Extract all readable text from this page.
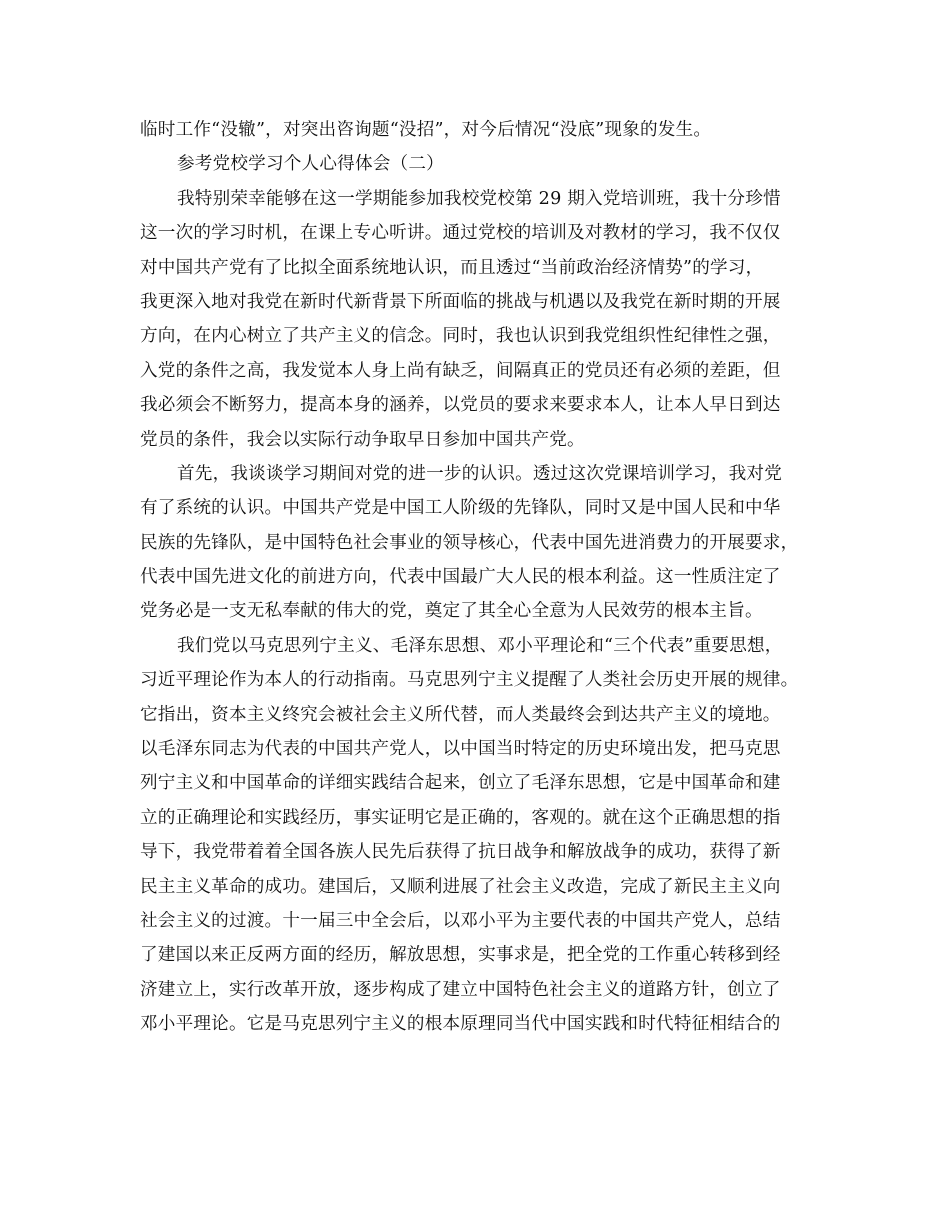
临时工作“没辙”，对突出咨询题“没招”，对今后情况“没底”现象的发生。
参考党校学习个人心得体会（二）
我特别荣幸能够在这一学期能参加我校党校第 29 期入党培训班，我十分珍惜
这一次的学习时机，在课上专心听讲。通过党校的培训及对教材的学习，我不仅仅
对中国共产党有了比拟全面系统地认识，而且透过“当前政治经济情势”的学习，
我更深入地对我党在新时代新背景下所面临的挑战与机遇以及我党在新时期的开展
方向，在内心树立了共产主义的信念。同时，我也认识到我党组织性纪律性之强，
入党的条件之高，我发觉本人身上尚有缺乏，间隔真正的党员还有必须的差距，但
我必须会不断努力，提高本身的涵养，以党员的要求来要求本人，让本人早日到达
党员的条件，我会以实际行动争取早日参加中国共产党。
首先，我谈谈学习期间对党的进一步的认识。透过这次党课培训学习，我对党
有了系统的认识。中国共产党是中国工人阶级的先锋队，同时又是中国人民和中华
民族的先锋队，是中国特色社会事业的领导核心，代表中国先进消费力的开展要求，
代表中国先进文化的前进方向，代表中国最广大人民的根本利益。这一性质注定了
党务必是一支无私奉献的伟大的党，奠定了其全心全意为人民效劳的根本主旨。
我们党以马克思列宁主义、毛泽东思想、邓小平理论和“三个代表”重要思想，
习近平理论作为本人的行动指南。马克思列宁主义提醒了人类社会历史开展的规律。
它指出，资本主义终究会被社会主义所代替，而人类最终会到达共产主义的境地。
以毛泽东同志为代表的中国共产党人，以中国当时特定的历史环境出发，把马克思
列宁主义和中国革命的详细实践结合起来，创立了毛泽东思想，它是中国革命和建
立的正确理论和实践经历，事实证明它是正确的，客观的。就在这个正确思想的指
导下，我党带着着全国各族人民先后获得了抗日战争和解放战争的成功，获得了新
民主主义革命的成功。建国后，又顺利进展了社会主义改造，完成了新民主主义向
社会主义的过渡。十一届三中全会后，以邓小平为主要代表的中国共产党人，总结
了建国以来正反两方面的经历，解放思想，实事求是，把全党的工作重心转移到经
济建立上，实行改革开放，逐步构成了建立中国特色社会主义的道路方针，创立了
邓小平理论。它是马克思列宁主义的根本原理同当代中国实践和时代特征相结合的
